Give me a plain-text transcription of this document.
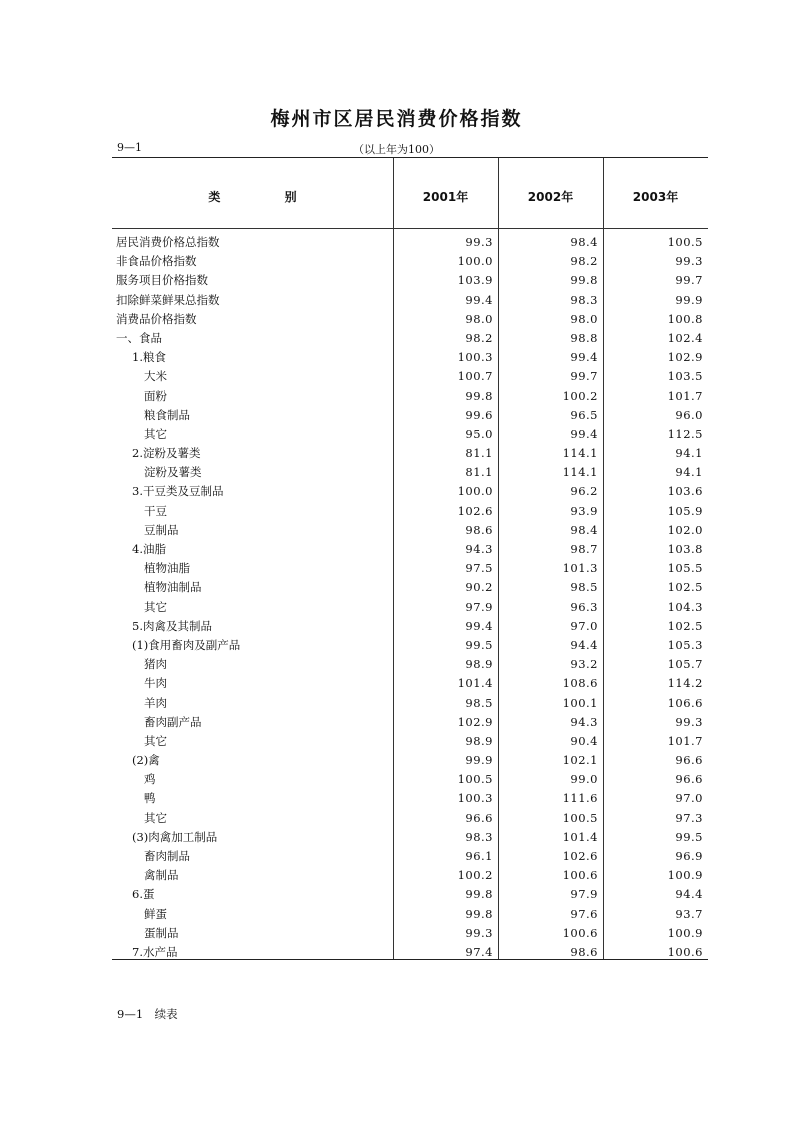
梅州市区居民消费价格指数
9—1	（以上年为100）
类 别	2001年	2002年	2003年
居民消费价格总指数	99.3	98.4	100.5
非食品价格指数	100.0	98.2	99.3
服务项目价格指数	103.9	99.8	99.7
扣除鲜菜鲜果总指数	99.4	98.3	99.9
消费品价格指数	98.0	98.0	100.8
一、食品	98.2	98.8	102.4
1.粮食	100.3	99.4	102.9
大米	100.7	99.7	103.5
面粉	99.8	100.2	101.7
粮食制品	99.6	96.5	96.0
其它	95.0	99.4	112.5
2.淀粉及薯类	81.1	114.1	94.1
淀粉及薯类	81.1	114.1	94.1
3.干豆类及豆制品	100.0	96.2	103.6
干豆	102.6	93.9	105.9
豆制品	98.6	98.4	102.0
4.油脂	94.3	98.7	103.8
植物油脂	97.5	101.3	105.5
植物油制品	90.2	98.5	102.5
其它	97.9	96.3	104.3
5.肉禽及其制品	99.4	97.0	102.5
(1)食用畜肉及副产品	99.5	94.4	105.3
猪肉	98.9	93.2	105.7
牛肉	101.4	108.6	114.2
羊肉	98.5	100.1	106.6
畜肉副产品	102.9	94.3	99.3
其它	98.9	90.4	101.7
(2)禽	99.9	102.1	96.6
鸡	100.5	99.0	96.6
鸭	100.3	111.6	97.0
其它	96.6	100.5	97.3
(3)肉禽加工制品	98.3	101.4	99.5
畜肉制品	96.1	102.6	96.9
禽制品	100.2	100.6	100.9
6.蛋	99.8	97.9	94.4
鲜蛋	99.8	97.6	93.7
蛋制品	99.3	100.6	100.9
7.水产品	97.4	98.6	100.6
9—1　续表
